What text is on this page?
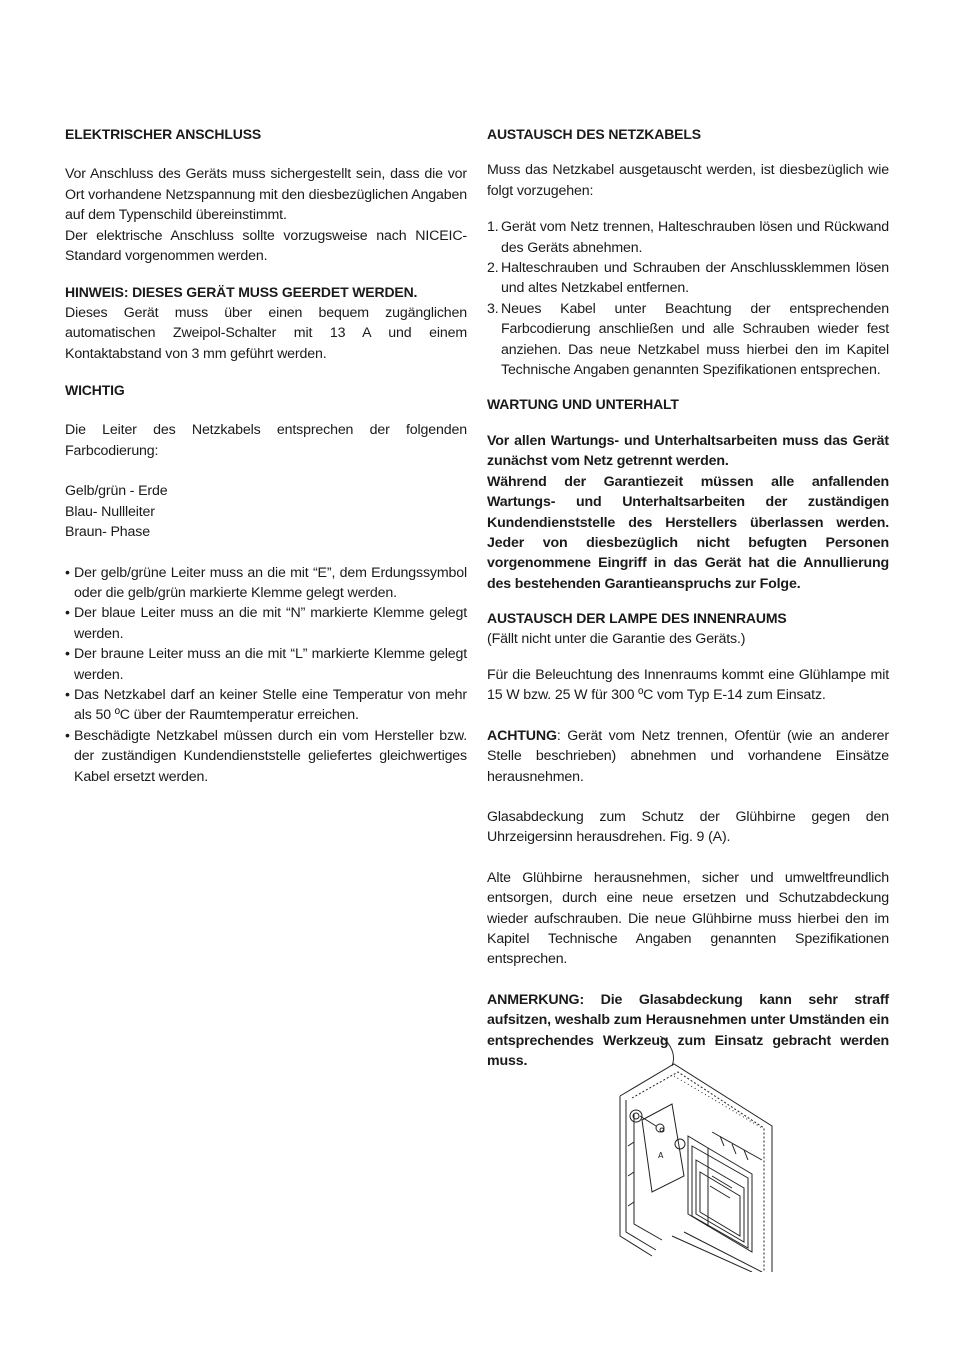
ELEKTRISCHER ANSCHLUSS

Vor Anschluss des Geräts muss sichergestellt sein, dass die vor Ort vorhandene Netzspannung mit den diesbezüglichen Angaben auf dem Typenschild übereinstimmt.

Der elektrische Anschluss sollte vorzugsweise nach NICEIC-Standard vorgenommen werden.

HINWEIS: DIESES GERÄT MUSS GEERDET WERDEN.

Dieses Gerät muss über einen bequem zugänglichen automatischen Zweipol-Schalter mit 13 A und einem Kontaktabstand von 3 mm geführt werden.

WICHTIG

Die Leiter des Netzkabels entsprechen der folgenden Farbcodierung:

Gelb/grün - Erde
Blau- Nullleiter
Braun- Phase
• Der gelb/grüne Leiter muss an die mit “E”, dem Erdungssymbol oder die gelb/grün markierte Klemme gelegt werden.
• Der blaue Leiter muss an die mit “N” markierte Klemme gelegt werden.
• Der braune Leiter muss an die mit “L” markierte Klemme gelegt werden.
• Das Netzkabel darf an keiner Stelle eine Temperatur von mehr als 50 ºC über der Raumtemperatur erreichen.
• Beschädigte Netzkabel müssen durch ein vom Hersteller bzw. der zuständigen Kundendienststelle geliefertes gleichwertiges Kabel ersetzt werden.
AUSTAUSCH DES NETZKABELS

Muss das Netzkabel ausgetauscht werden, ist diesbezüglich wie folgt vorzugehen:

1. Gerät vom Netz trennen, Halteschrauben lösen und Rückwand des Geräts abnehmen.
2. Halteschrauben und Schrauben der Anschlussklemmen lösen und altes Netzkabel entfernen.
3. Neues Kabel unter Beachtung der entsprechenden Farbcodierung anschließen und alle Schrauben wieder fest anziehen. Das neue Netzkabel muss hierbei den im Kapitel Technische Angaben genannten Spezifikationen entsprechen.
WARTUNG UND UNTERHALT

Vor allen Wartungs- und Unterhaltsarbeiten muss das Gerät zunächst vom Netz getrennt werden.

Während der Garantiezeit müssen alle anfallenden Wartungs- und Unterhaltsarbeiten der zuständigen Kundendienststelle des Herstellers überlassen werden. Jeder von diesbezüglich nicht befugten Personen vorgenommene Eingriff in das Gerät hat die Annullierung des bestehenden Garantieanspruchs zur Folge.

AUSTAUSCH DER LAMPE DES INNENRAUMS

(Fällt nicht unter die Garantie des Geräts.)

Für die Beleuchtung des Innenraums kommt eine Glühlampe mit 15 W bzw. 25 W für 300 ºC vom Typ E-14 zum Einsatz.

ACHTUNG: Gerät vom Netz trennen, Ofentür (wie an anderer Stelle beschrieben) abnehmen und vorhandene Einsätze herausnehmen.

Glasabdeckung zum Schutz der Glühbirne gegen den Uhrzeigersinn herausdrehen. Fig. 9 (A).

Alte Glühbirne herausnehmen, sicher und umweltfreundlich entsorgen, durch eine neue ersetzen und Schutzabdeckung wieder aufschrauben. Die neue Glühbirne muss hierbei den im Kapitel Technische Angaben genannten Spezifikationen entsprechen.

ANMERKUNG: Die Glasabdeckung kann sehr straff aufsitzen, weshalb zum Herausnehmen unter Umständen ein entsprechendes Werkzeug zum Einsatz gebracht werden muss.

A
